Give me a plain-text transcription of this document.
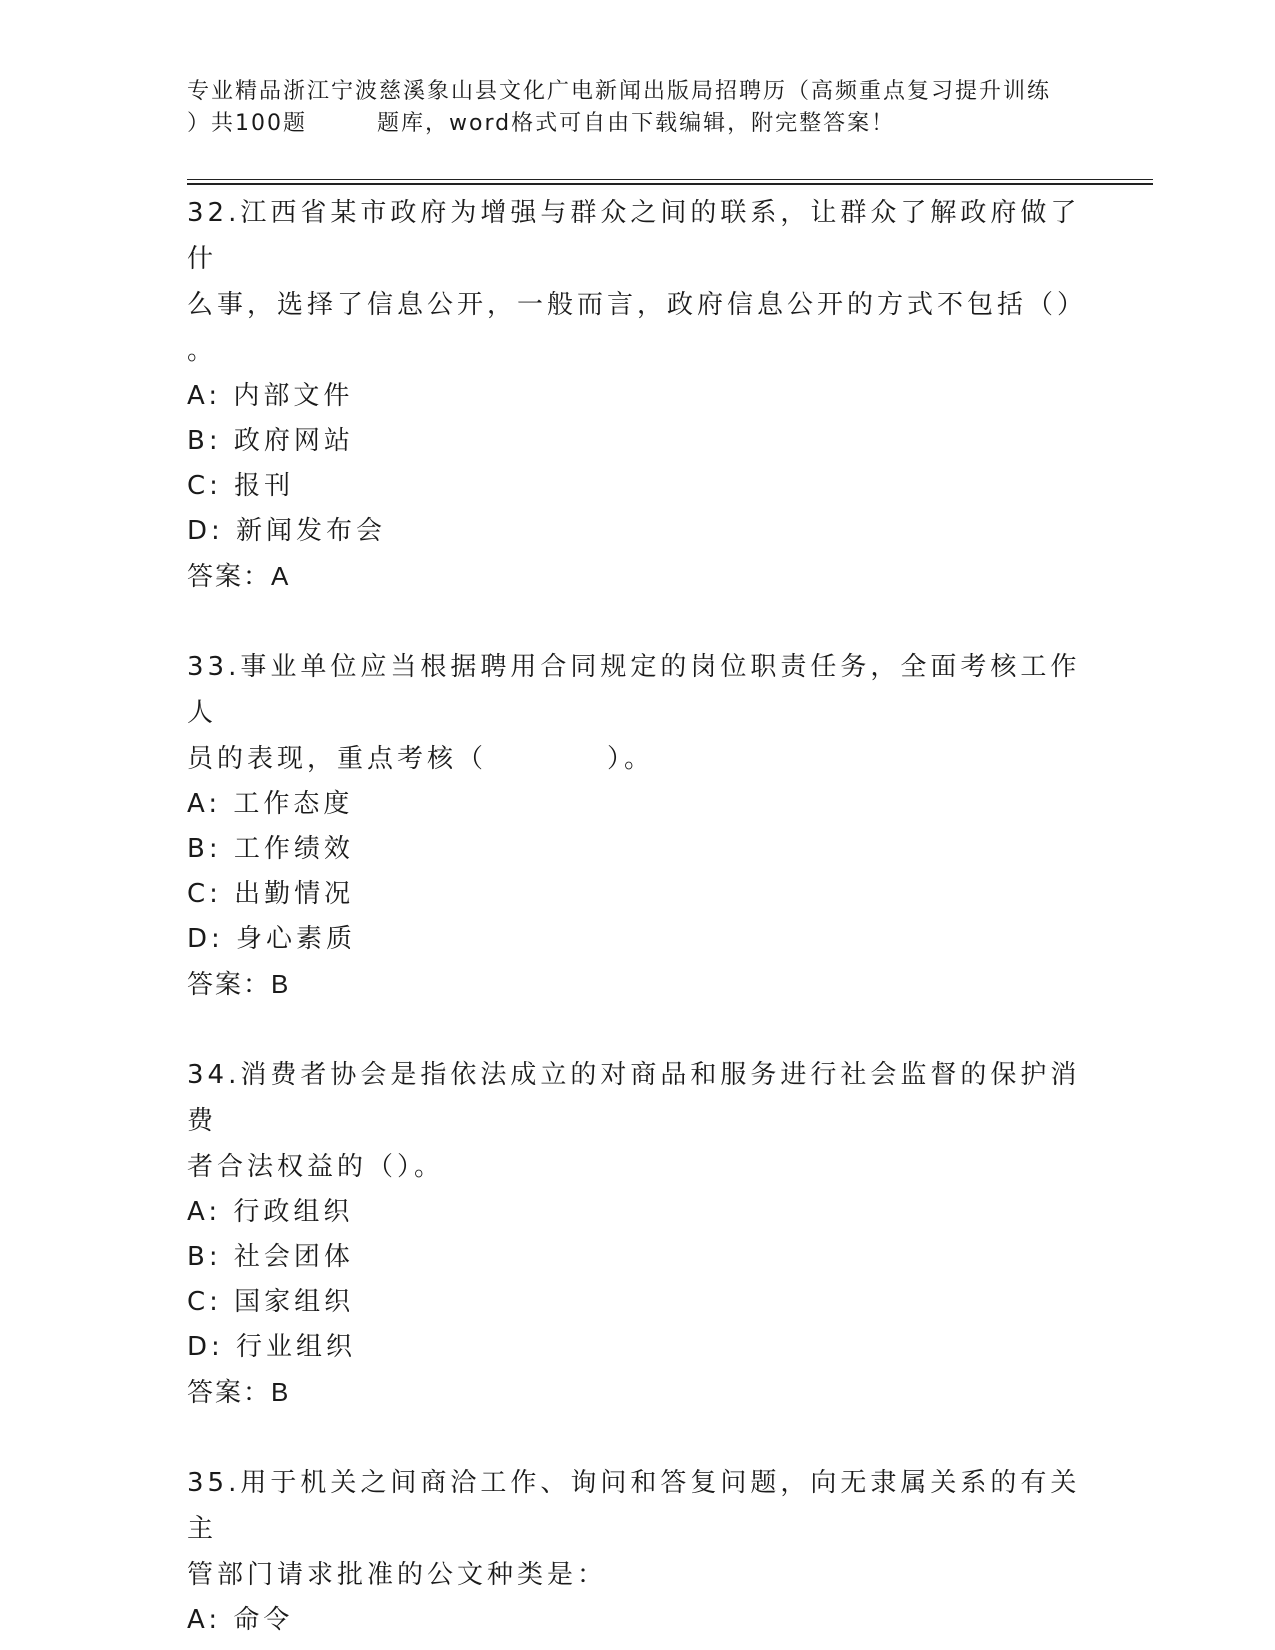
专业精品浙江宁波慈溪象山县文化广电新闻出版局招聘历（高频重点复习提升训练
）共100题	题库，word格式可自由下载编辑，附完整答案！
32.江西省某市政府为增强与群众之间的联系，让群众了解政府做了什
么事，选择了信息公开，一般而言，政府信息公开的方式不包括（）
。
A: 内部文件
B: 政府网站
C: 报刊
D: 新闻发布会
答案：A
33.事业单位应当根据聘用合同规定的岗位职责任务，全面考核工作人
员的表现，重点考核（	）。
A: 工作态度
B: 工作绩效
C: 出勤情况
D: 身心素质
答案：B
34.消费者协会是指依法成立的对商品和服务进行社会监督的保护消费
者合法权益的（）。
A: 行政组织
B: 社会团体
C: 国家组织
D: 行业组织
答案：B
35.用于机关之间商洽工作、询问和答复问题，向无隶属关系的有关主
管部门请求批准的公文种类是：
A: 命令
